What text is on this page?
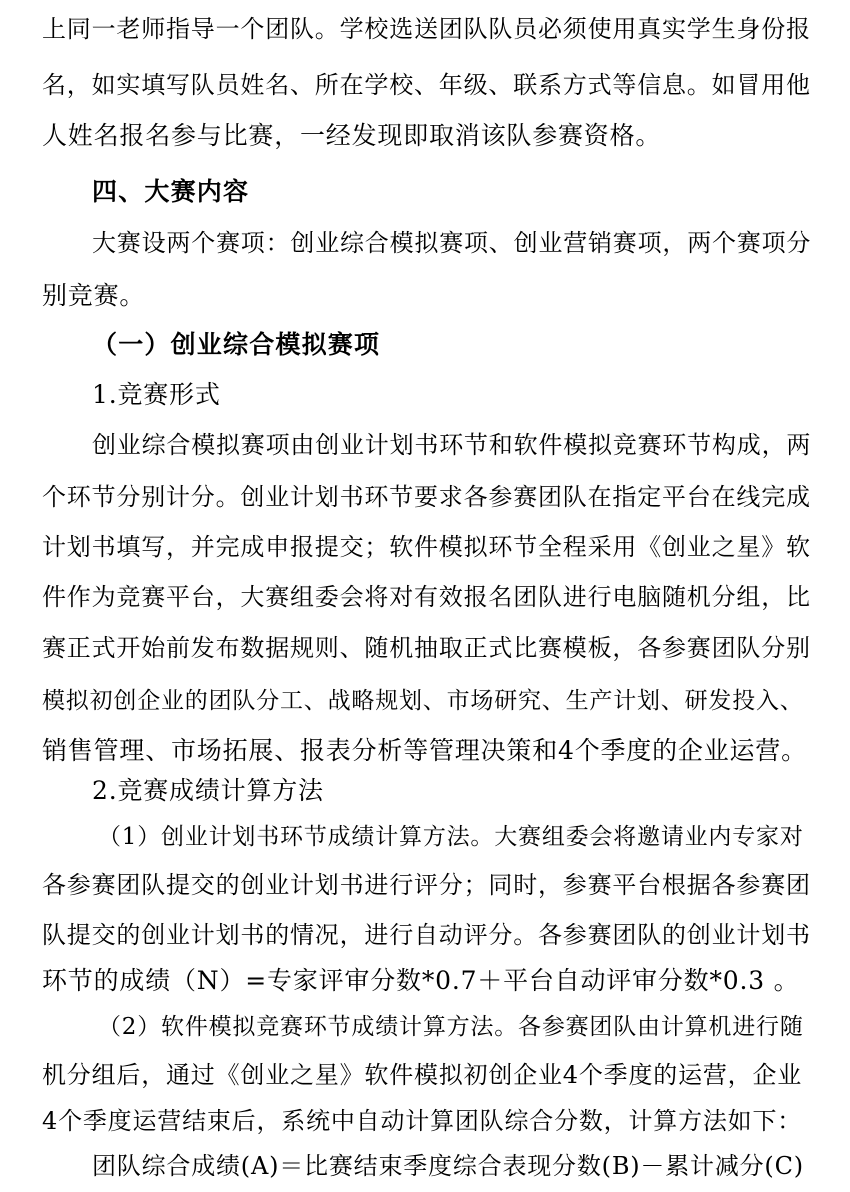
上同一老师指导一个团队。学校选送团队队员必须使用真实学生身份报
名，如实填写队员姓名、所在学校、年级、联系方式等信息。如冒用他
人姓名报名参与比赛，一经发现即取消该队参赛资格。
四、大赛内容
大赛设两个赛项：创业综合模拟赛项、创业营销赛项，两个赛项分
别竞赛。
（一）创业综合模拟赛项
1.竞赛形式
创业综合模拟赛项由创业计划书环节和软件模拟竞赛环节构成，两
个环节分别计分。创业计划书环节要求各参赛团队在指定平台在线完成
计划书填写，并完成申报提交；软件模拟环节全程采用《创业之星》软
件作为竞赛平台，大赛组委会将对有效报名团队进行电脑随机分组，比
赛正式开始前发布数据规则、随机抽取正式比赛模板，各参赛团队分别
模拟初创企业的团队分工、战略规划、市场研究、生产计划、研发投入、
销售管理、市场拓展、报表分析等管理决策和4个季度的企业运营。
2.竞赛成绩计算方法
（1）创业计划书环节成绩计算方法。大赛组委会将邀请业内专家对
各参赛团队提交的创业计划书进行评分；同时，参赛平台根据各参赛团
队提交的创业计划书的情况，进行自动评分。各参赛团队的创业计划书
环节的成绩（N）=专家评审分数*0.7＋平台自动评审分数*0.3 。
（2）软件模拟竞赛环节成绩计算方法。各参赛团队由计算机进行随
机分组后，通过《创业之星》软件模拟初创企业4个季度的运营，企业
4个季度运营结束后，系统中自动计算团队综合分数，计算方法如下：
团队综合成绩(A)＝比赛结束季度综合表现分数(B)－累计减分(C)
